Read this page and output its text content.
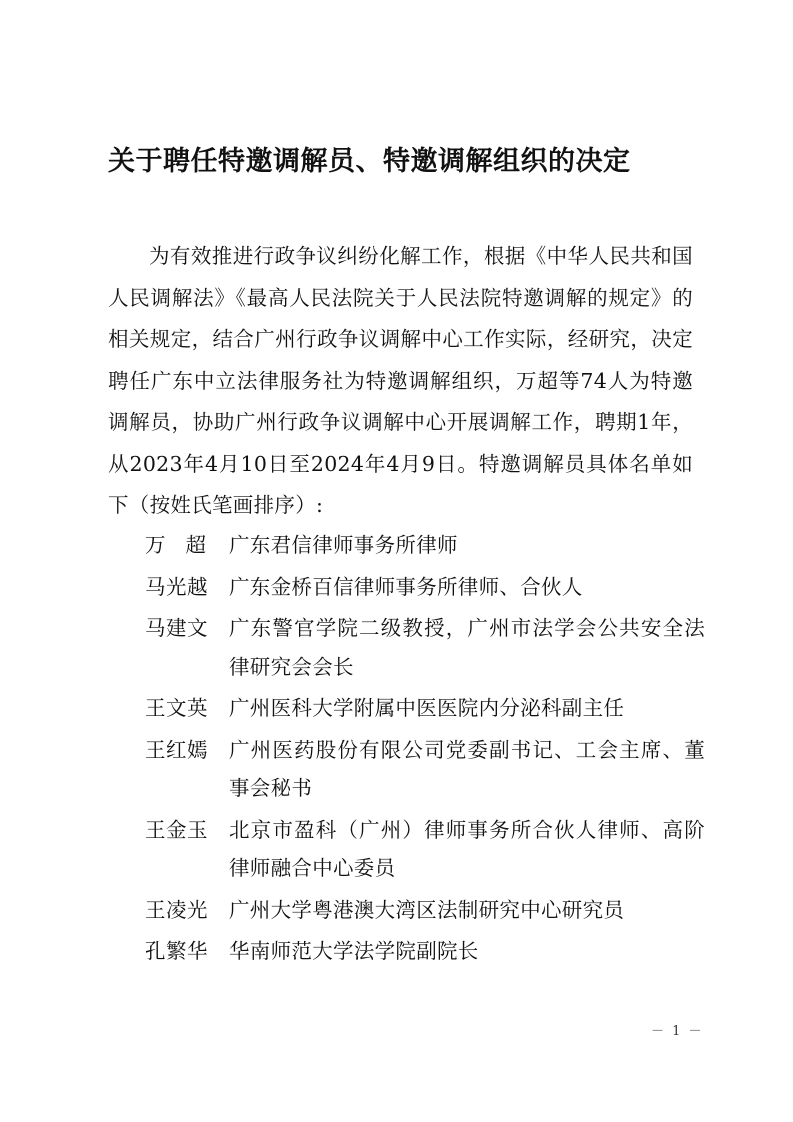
关于聘任特邀调解员、特邀调解组织的决定
为有效推进行政争议纠纷化解工作，根据《中华人民共和国人民调解法》《最高人民法院关于人民法院特邀调解的规定》的相关规定，结合广州行政争议调解中心工作实际，经研究，决定聘任广东中立法律服务社为特邀调解组织，万超等74人为特邀调解员，协助广州行政争议调解中心开展调解工作，聘期1年，从2023年4月10日至2024年4月9日。特邀调解员具体名单如下（按姓氏笔画排序）:
万超 广东君信律师事务所律师
马光越	广东金桥百信律师事务所律师、合伙人
马建文	广东警官学院二级教授，广州市法学会公共安全法律研究会会长
王文英	广州医科大学附属中医医院内分泌科副主任
王红嫣	广州医药股份有限公司党委副书记、工会主席、董事会秘书
王金玉	北京市盈科（广州）律师事务所合伙人律师、高阶律师融合中心委员
王凌光	广州大学粤港澳大湾区法制研究中心研究员
孔繁华	华南师范大学法学院副院长
－ 1 －
